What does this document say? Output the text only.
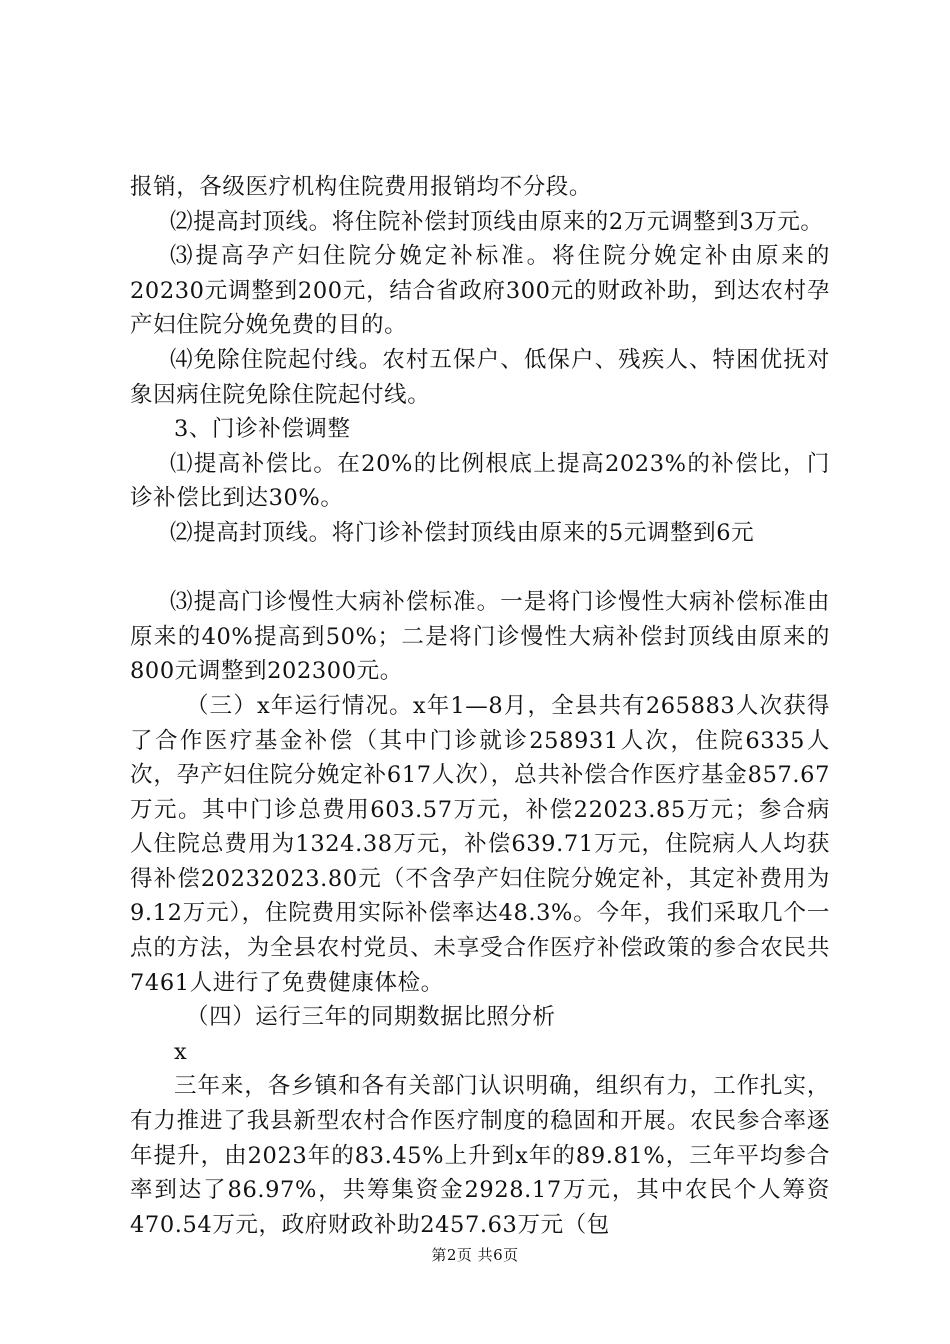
报销，各级医疗机构住院费用报销均不分段。

⑵提高封顶线。将住院补偿封顶线由原来的2万元调整到3万元。

⑶提高孕产妇住院分娩定补标准。将住院分娩定补由原来的20230元调整到200元，结合省政府300元的财政补助，到达农村孕产妇住院分娩免费的目的。

⑷免除住院起付线。农村五保户、低保户、残疾人、特困优抚对象因病住院免除住院起付线。

3、门诊补偿调整

⑴提高补偿比。在20%的比例根底上提高2023%的补偿比，门诊补偿比到达30%。

⑵提高封顶线。将门诊补偿封顶线由原来的5元调整到6元

⑶提高门诊慢性大病补偿标准。一是将门诊慢性大病补偿标准由原来的40%提高到50%；二是将门诊慢性大病补偿封顶线由原来的800元调整到202300元。

（三）x年运行情况。x年1—8月，全县共有265883人次获得了合作医疗基金补偿（其中门诊就诊258931人次，住院6335人次，孕产妇住院分娩定补617人次），总共补偿合作医疗基金857.67万元。其中门诊总费用603.57万元，补偿22023.85万元；参合病人住院总费用为1324.38万元，补偿639.71万元，住院病人人均获得补偿20232023.80元（不含孕产妇住院分娩定补，其定补费用为9.12万元），住院费用实际补偿率达48.3%。今年，我们采取几个一点的方法，为全县农村党员、未享受合作医疗补偿政策的参合农民共7461人进行了免费健康体检。

（四）运行三年的同期数据比照分析

x

三年来，各乡镇和各有关部门认识明确，组织有力，工作扎实，有力推进了我县新型农村合作医疗制度的稳固和开展。农民参合率逐年提升，由2023年的83.45%上升到x年的89.81%，三年平均参合率到达了86.97%，共筹集资金2928.17万元，其中农民个人筹资470.54万元，政府财政补助2457.63万元（包

第2页 共6页
